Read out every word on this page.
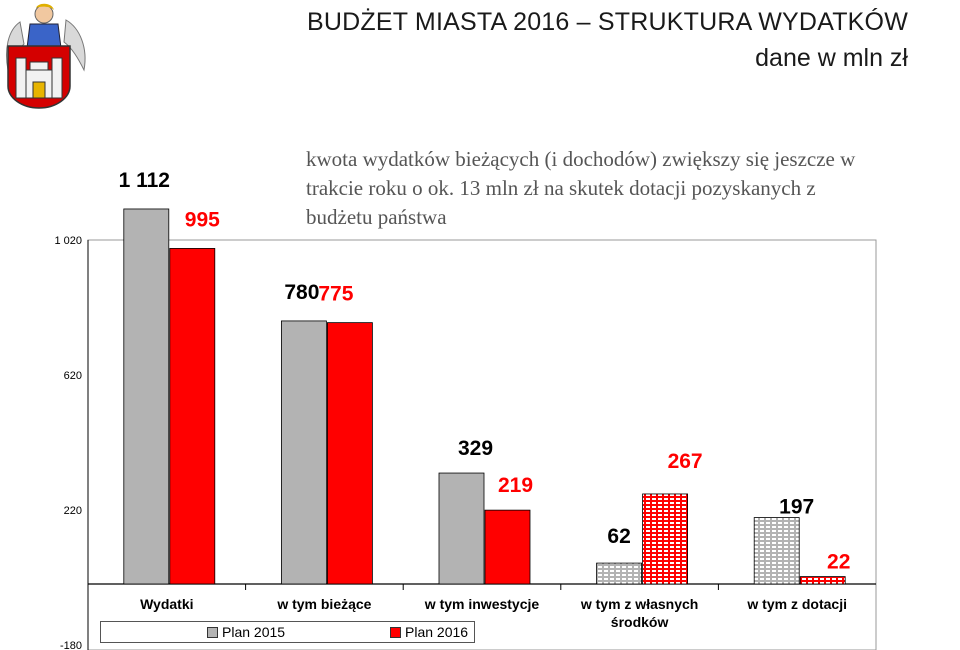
BUDŻET MIASTA 2016 – STRUKTURA WYDATKÓW
dane w mln zł
1 020
620
220
-180
1 112
995
Wydatki
780
775
w tym bieżące
329
219
w tym inwestycje
62
267
w tym z własnych
środków
197
22
w tym z dotacji
kwota wydatków bieżących (i dochodów) zwiększy się jeszcze w trakcie roku o ok. 13 mln zł na skutek dotacji pozyskanych z budżetu państwa
Plan 2015	Plan 2016
